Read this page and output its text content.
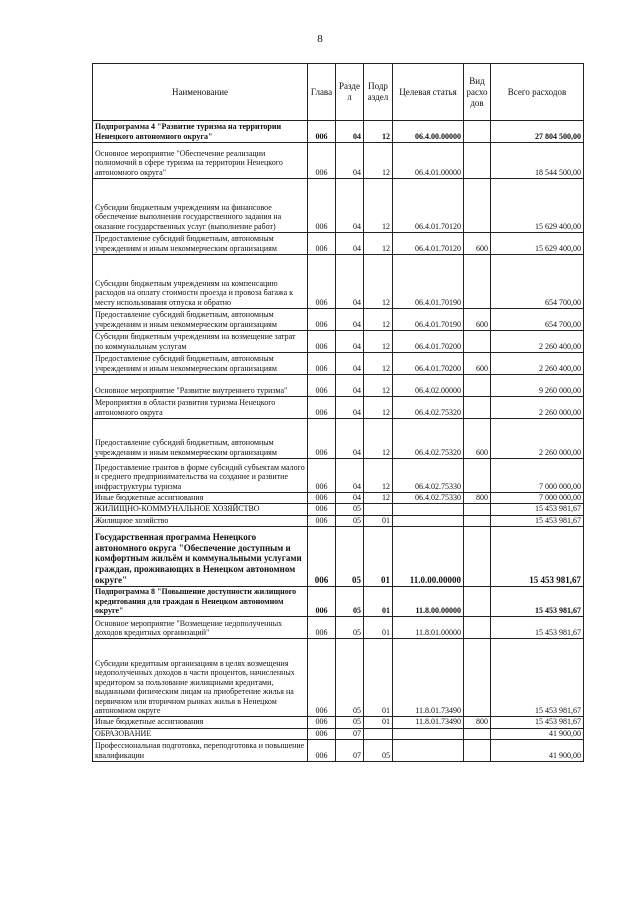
8
Наименование	Глава	Разде л	Подр аздел	Целевая статья	Вид расхо дов	Всего расходов
Подпрограмма 4 "Развитие туризма на территории Ненецкого автономного округа"	006	04	12	06.4.00.00000		27 804 500,00
Основное мероприятие "Обеспечение реализации полномочий в сфере туризма на территории Ненецкого автономного округа"	006	04	12	06.4.01.00000		18 544 500,00
Субсидии бюджетным учреждениям на финансовое обеспечение выполнения государственного задания на оказание государственных услуг (выполнение работ)	006	04	12	06.4.01.70120		15 629 400,00
Предоставление субсидий бюджетным, автономным учреждениям и иным некоммерческим организациям	006	04	12	06.4.01.70120	600	15 629 400,00
Субсидии бюджетным учреждениям на компенсацию расходов на оплату стоимости проезда и провоза багажа к месту использования отпуска и обратно	006	04	12	06.4.01.70190		654 700,00
Предоставление субсидий бюджетным, автономным учреждениям и иным некоммерческим организациям	006	04	12	06.4.01.70190	600	654 700,00
Субсидии бюджетным учреждениям на возмещение затрат по коммунальным услугам	006	04	12	06.4.01.70200		2 260 400,00
Предоставление субсидий бюджетным, автономным учреждениям и иным некоммерческим организациям	006	04	12	06.4.01.70200	600	2 260 400,00
Основное мероприятие "Развитие внутреннего туризма"	006	04	12	06.4.02.00000		9 260 000,00
Мероприятия в области развития туризма Ненецкого автономного округа	006	04	12	06.4.02.75320		2 260 000,00
Предоставление субсидий бюджетным, автономным учреждениям и иным некоммерческим организациям	006	04	12	06.4.02.75320	600	2 260 000,00
Предоставление грантов в форме субсидий субъектам малого и среднего предпринимательства на создание и развитие инфраструктуры туризма	006	04	12	06.4.02.75330		7 000 000,00
Иные бюджетные ассигнования	006	04	12	06.4.02.75330	800	7 000 000,00
ЖИЛИЩНО-КОММУНАЛЬНОЕ ХОЗЯЙСТВО	006	05				15 453 981,67
Жилищное хозяйство	006	05	01			15 453 981,67
Государственная программа Ненецкого автономного округа "Обеспечение доступным и комфортным жильём и коммунальными услугами граждан, проживающих в Ненецком автономном округе"	006	05	01	11.0.00.00000		15 453 981,67
Подпрограмма 8 "Повышение доступности жилищного кредитования для граждан в Ненецком автономном округе"	006	05	01	11.8.00.00000		15 453 981,67
Основное мероприятие "Возмещение недополученных доходов кредитных организаций"	006	05	01	11.8.01.00000		15 453 981,67
Субсидии кредитным организациям в целях возмещения недополученных доходов в части процентов, начисленных кредитором за пользование жилищными кредитами, выданными физическим лицам на приобретение жилья на первичном или вторичном рынках жилья в Ненецком автономном округе	006	05	01	11.8.01.73490		15 453 981,67
Иные бюджетные ассигнования	006	05	01	11.8.01.73490	800	15 453 981,67
ОБРАЗОВАНИЕ	006	07				41 900,00
Профессиональная подготовка, переподготовка и повышение квалификации	006	07	05			41 900,00
